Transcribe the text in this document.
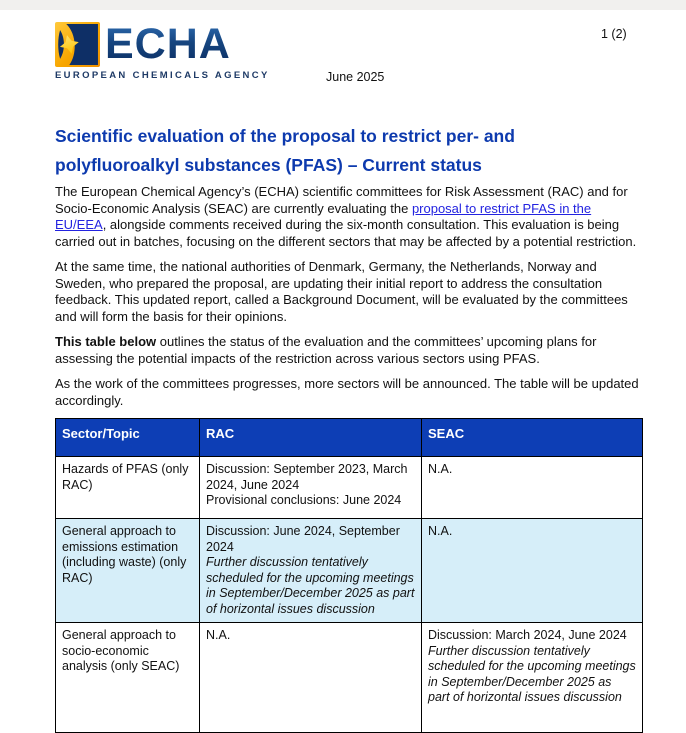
ECHA
EUROPEAN CHEMICALS AGENCY
1 (2)
June 2025
Scientific evaluation of the proposal to restrict per- and polyfluoroalkyl substances (PFAS) – Current status

The European Chemical Agency’s (ECHA) scientific committees for Risk Assessment (RAC) and for Socio-Economic Analysis (SEAC) are currently evaluating the proposal to restrict PFAS in the EU/EEA, alongside comments received during the six-month consultation. This evaluation is being carried out in batches, focusing on the different sectors that may be affected by a potential restriction.

At the same time, the national authorities of Denmark, Germany, the Netherlands, Norway and Sweden, who prepared the proposal, are updating their initial report to address the consultation feedback. This updated report, called a Background Document, will be evaluated by the committees and will form the basis for their opinions.

This table below outlines the status of the evaluation and the committees’ upcoming plans for assessing the potential impacts of the restriction across various sectors using PFAS.

As the work of the committees progresses, more sectors will be announced. The table will be updated accordingly.

Sector/Topic	RAC	SEAC

Hazards of PFAS (only RAC)	Discussion: September 2023, March 2024, June 2024
Provisional conclusions: June 2024	N.A.

General approach to emissions estimation (including waste) (only RAC)	Discussion: June 2024, September 2024
Further discussion tentatively scheduled for the upcoming meetings in September/December 2025 as part of horizontal issues discussion	N.A.

General approach to socio-economic analysis (only SEAC)	N.A.	Discussion: March 2024, June 2024
Further discussion tentatively scheduled for the upcoming meetings in September/December 2025 as part of horizontal issues discussion
